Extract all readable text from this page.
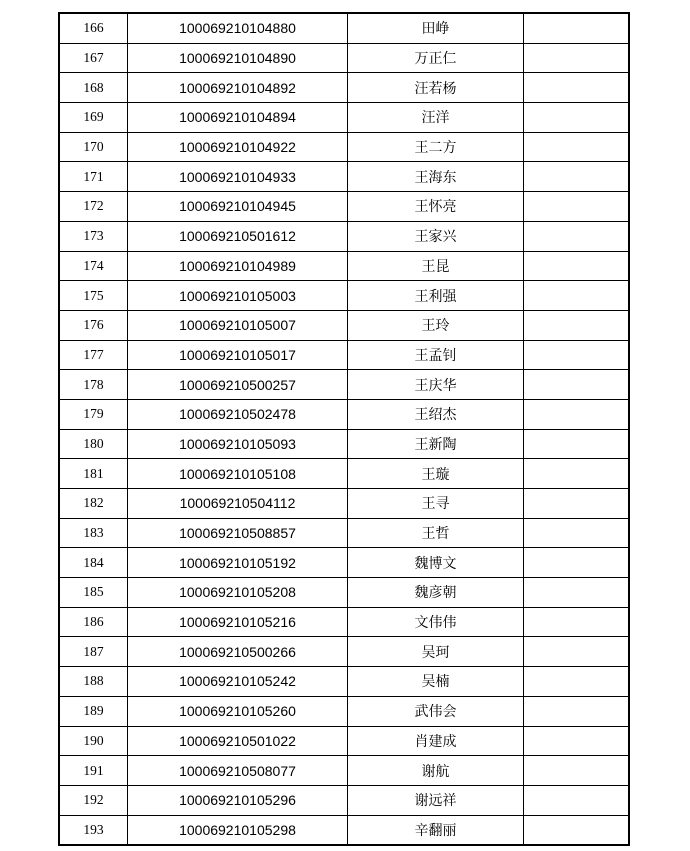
166	100069210104880	田峥	
167	100069210104890	万正仁	
168	100069210104892	汪若杨	
169	100069210104894	汪洋	
170	100069210104922	王二方	
171	100069210104933	王海东	
172	100069210104945	王怀亮	
173	100069210501612	王家兴	
174	100069210104989	王昆	
175	100069210105003	王利强	
176	100069210105007	王玲	
177	100069210105017	王孟钊	
178	100069210500257	王庆华	
179	100069210502478	王绍杰	
180	100069210105093	王新陶	
181	100069210105108	王璇	
182	100069210504112	王寻	
183	100069210508857	王哲	
184	100069210105192	魏博文	
185	100069210105208	魏彦朝	
186	100069210105216	文伟伟	
187	100069210500266	吴珂	
188	100069210105242	吴楠	
189	100069210105260	武伟会	
190	100069210501022	肖建成	
191	100069210508077	谢航	
192	100069210105296	谢远祥	
193	100069210105298	辛翻丽	
